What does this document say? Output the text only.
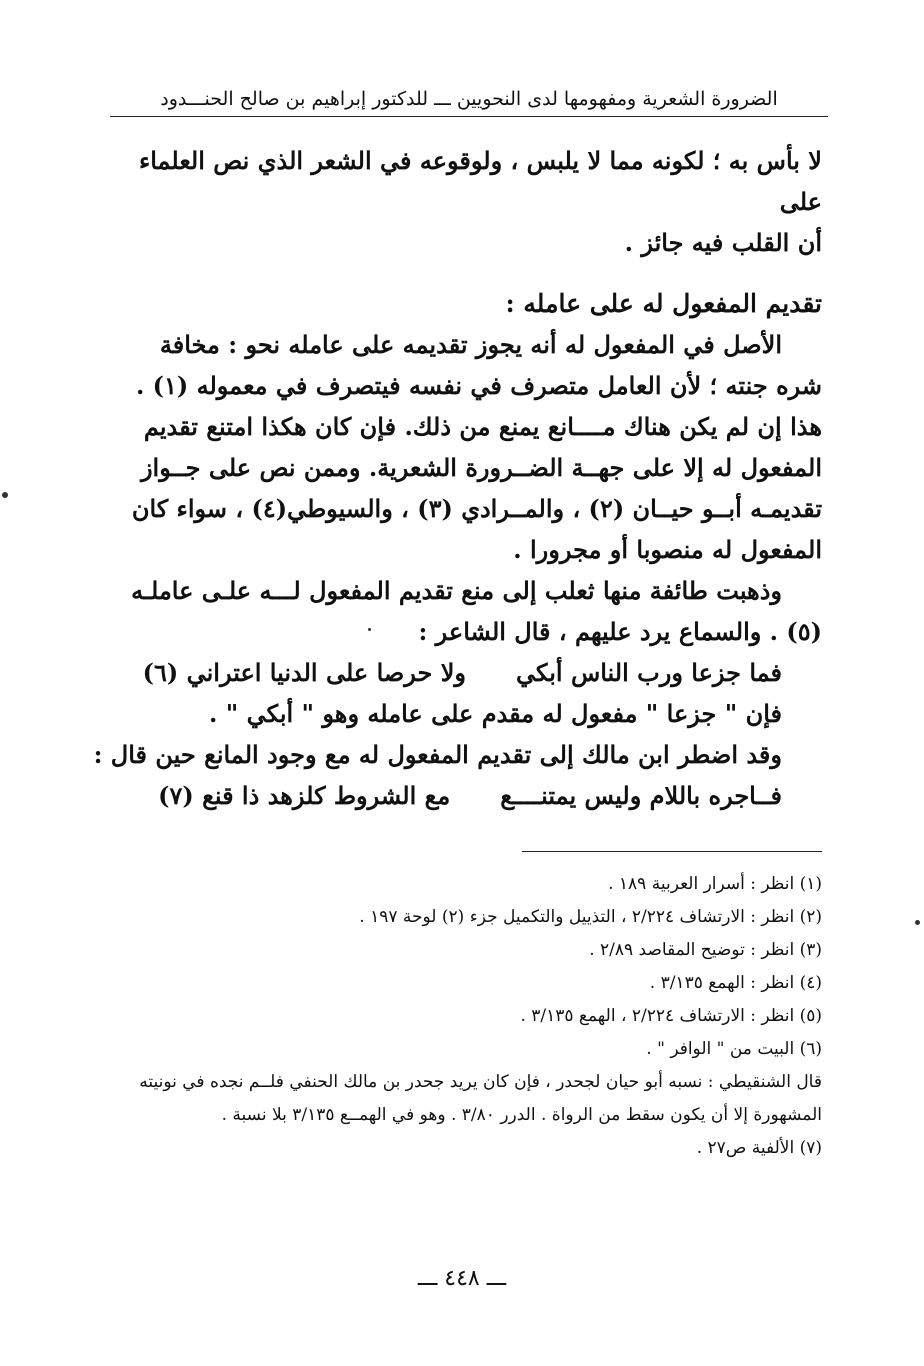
الضرورة الشعرية ومفهومها لدى النحويين ـــ للدكتور إبراهيم بن صالح الحنـــدود

لا بأس به ؛ لكونه مما لا يلبس ، ولوقوعه في الشعر الذي نص العلماء على

أن القلب فيه جائز .

تقديم المفعول له على عامله :

الأصل في المفعول له أنه يجوز تقديمه على عامله نحو : مخافة شره جنته ؛ لأن العامل متصرف في نفسه فيتصرف في معموله (١) . هذا إن لم يكن هناك مــــانع يمنع من ذلك. فإن كان هكذا امتنع تقديم المفعول له إلا على جهــة الضــرورة الشعرية. وممن نص على جــواز تقديمـه أبــو حيــان (٢) ، والمــرادي (٣) ، والسيوطي(٤) ، سواء كان المفعول له منصوبا أو مجرورا .

وذهبت طائفة منها ثعلب إلى منع تقديم المفعول لـــه علـى عاملـه (٥) . والسماع يرد عليهم ، قال الشاعر :

فما جزعا ورب الناس أبكيولا حرصا على الدنيا اعتراني (٦)

فإن " جزعا " مفعول له مقدم على عامله وهو " أبكي " .

وقد اضطر ابن مالك إلى تقديم المفعول له مع وجود المانع حين قال :

فــاجره باللام وليس يمتنــــعمع الشروط كلزهد ذا قنع (٧)

(١) انظر : أسرار العربية ١٨٩ .
(٢) انظر : الارتشاف ٢/٢٢٤ ، التذييل والتكميل جزء (٢) لوحة ١٩٧ .
(٣) انظر : توضيح المقاصد ٢/٨٩ .
(٤) انظر : الهمع ٣/١٣٥ .
(٥) انظر : الارتشاف ٢/٢٢٤ ، الهمع ٣/١٣٥ .
(٦) البيت من " الوافر " .
قال الشنقيطي : نسبه أبو حيان لجحدر ، فإن كان يريد جحدر بن مالك الحنفي فلــم نجده في نونيته المشهورة إلا أن يكون سقط من الرواة . الدرر ٣/٨٠ . وهو في الهمــع ٣/١٣٥ بلا نسبة .
(٧) الألفية ص٢٧ .
ـــ ٤٤٨ ـــ
